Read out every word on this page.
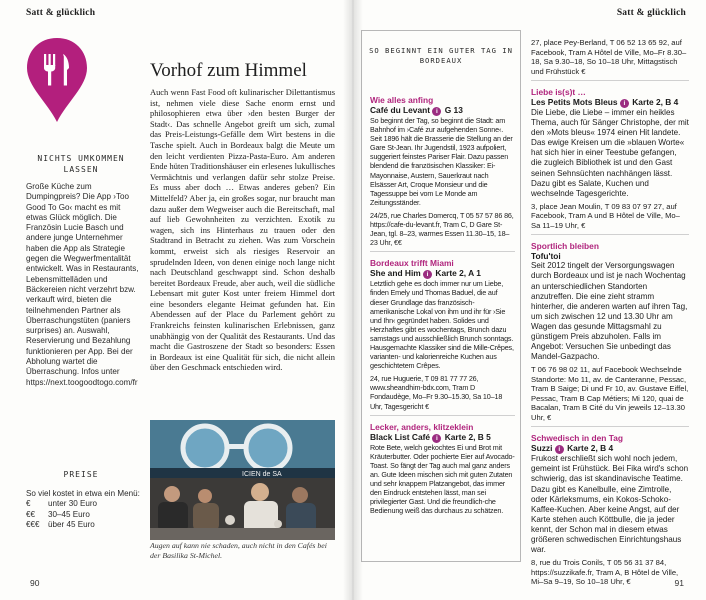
Satt & glücklich
NICHTS UMKOMMEN LASSEN
Große Küche zum Dumpingpreis? Die App ›Too Good To Go‹ macht es mit etwas Glück möglich. Die Französin Lucie Basch und andere junge Unternehmer haben die App als Strategie gegen die Wegwerfmentalität entwickelt. Was in Restaurants, Lebensmittelläden und Bäckereien nicht verzehrt bzw. verkauft wird, bieten die teilnehmenden Partner als Überraschungstüten (paniers surprises) an. Auswahl, Reservierung und Bezahlung funktionieren per App. Bei der Abholung wartet die Überraschung. Infos unter https://next.toogoodtogo.com/fr
PREISE
So viel kostet in etwa ein Menü:
€	unter 30 Euro
€€	30–45 Euro
€€€	über 45 Euro
Vorhof zum Himmel
Auch wenn Fast Food oft kulinarischer Dilettantismus ist, nehmen viele diese Sache enorm ernst und philosophieren etwa über ›den besten Burger der Stadt‹. Das schnelle Angebot greift um sich, zumal das Preis-Leistungs-Gefälle dem Wirt bestens in die Tasche spielt. Auch in Bordeaux balgt die Meute um den leicht verdienten Pizza-Pasta-Euro. Am anderen Ende hüten Traditionshäuser ein erlesenes lukullisches Vermächtnis und verlangen dafür sehr stolze Preise. Es muss aber doch … Etwas anderes geben? Ein Mittelfeld? Aber ja, ein großes sogar, nur braucht man dazu außer dem Wegweiser auch die Bereitschaft, mal auf lieb Gewohnheiten zu verzichten. Exotik zu wagen, sich ins Hinterhaus zu trauen oder den Stadtrand in Betracht zu ziehen. Was zum Vorschein kommt, erweist sich als riesiges Reservoir an sprudelnden Ideen, von denen einige noch lange nicht nach Deutschland geschwappt sind. Schon deshalb bereitet Bordeaux Freude, aber auch, weil die südliche Lebensart mit guter Kost unter freiem Himmel dort eine besonders elegante Heimat gefunden hat. Ein Abendessen auf der Place du Parlement gehört zu Frankreichs feinsten kulinarischen Erlebnissen, ganz unabhängig von der Qualität des Restaurants. Und das macht die Gastroszene der Stadt so besonders: Essen in Bordeaux ist eine Qualität für sich, die nicht allein über den Geschmack entschieden wird.
ICIEN de SA
Augen auf kann nie schaden, auch nicht in den Cafés bei der Basilika St-Michel.
90
Satt & glücklich
SO BEGINNT EIN GUTER TAG IN BORDEAUX
Wie alles anfing
Café du Levant i G 13
So beginnt der Tag, so beginnt die Stadt: am Bahnhof im ›Café zur aufgehenden Sonne‹. Seit 1896 hält die Brasserie die Stellung an der Gare St-Jean. Ihr Jugendstil, 1923 aufpoliert, suggeriert feinstes Pariser Flair. Dazu passen blendend die französischen Klassiker: Ei-Mayonnaise, Austern, Sauerkraut nach Elsässer Art, Croque Monsieur und die Tagessuppe bei vom Le Monde am Zeitungsständer.
24/25, rue Charles Domercq, T 05 57 57 86 86, https://cafe-du-levant.fr, Tram C, D Gare St-Jean, tgl. 8–23, warmes Essen 11.30–15, 18–23 Uhr, €€
Bordeaux trifft Miami
She and Him i Karte 2, A 1
Letztlich gehe es doch immer nur um Liebe, finden Emely und Thomas Baduel, die auf dieser Grundlage das französisch-amerikanische Lokal von ihm und ihr für ›Sie und Ihn‹ gegründet haben. Solides und Herzhaftes gibt es wochentags, Brunch dazu samstags und ausschließlich Brunch sonntags. Hausgemachte Klassiker sind die Mille-Crêpes, varianten- und kalorienreiche Kuchen aus geschichtetem Crêpes.
24, rue Huguerie, T 09 81 77 77 26, www.sheandhim-bdx.com, Tram D Fondaudège, Mo–Fr 9.30–15.30, Sa 10–18 Uhr, Tagesgericht €
Lecker, anders, klitzeklein
Black List Café i Karte 2, B 5
Rote Bete, welch gekochtes Ei und Brot mit Kräuterbutter. Oder pochierte Eier auf Avocado-Toast. So fängt der Tag auch mal ganz anders an. Gute Ideen mischen sich mit guten Zutaten und sehr knappem Platzangebot, das immer den Eindruck entstehen lässt, man sei privilegierter Gast. Und die freundlich-che Bedienung weiß das durchaus zu schätzen.
27, place Pey-Berland, T 06 52 13 65 92, auf Facebook, Tram A Hôtel de Ville, Mo–Fr 8.30–18, Sa 9.30–18, So 10–18 Uhr, Mittagstisch und Frühstück €
Liebe is(s)t …
Les Petits Mots Bleus i Karte 2, B 4
Die Liebe, die Liebe – immer ein heikles Thema, auch für Sänger Christophe, der mit den »Mots bleus« 1974 einen Hit landete. Das ewige Kreisen um die »blauen Worte« hat sich hier in einer Teestube gefangen, die zugleich Bibliothek ist und den Gast seinen Sehnsüchten nachhängen lässt. Dazu gibt es Salate, Kuchen und wechselnde Tagesgerichte.
3, place Jean Moulin, T 09 83 07 97 27, auf Facebook, Tram A und B Hôtel de Ville, Mo–Sa 11–19 Uhr, €
Sportlich bleiben
Tofu'toi
Seit 2012 tingelt der Versorgungswagen durch Bordeaux und ist je nach Wochentag an unterschiedlichen Standorten anzutreffen. Die eine zieht stramm hinterher, die anderen warten auf ihren Tag, um sich zwischen 12 und 13.30 Uhr am Wagen das gesunde Mittagsmahl zu günstigem Preis abzuholen. Falls im Angebot: Versuchen Sie unbedingt das Mandel-Gazpacho.
T 06 76 98 02 11, auf Facebook Wechselnde Standorte: Mo 11, av. de Canteranne, Pessac, Tram B Saige; Di und Fr 10, av. Gustave Eiffel, Pessac, Tram B Cap Métiers; Mi 120, quai de Bacalan, Tram B Cité du Vin jeweils 12–13.30 Uhr, €
Schwedisch in den Tag
Suzzi i Karte 2, B 4
Frukost erschließt sich wohl noch jedem, gemeint ist Frühstück. Bei Fika wird's schon schwierig, das ist skandinavische Teatime. Dazu gibt es Kanelbulle, eine Zimtrolle, oder Kärleksmums, ein Kokos-Schoko-Kaffee-Kuchen. Aber keine Angst, auf der Karte stehen auch Köttbulle, die ja jeder kennt, der Schon mal in diesem etwas größeren schwedischen Einrichtungshaus war.
8, rue du Trois Conils, T 05 56 31 37 84, https://suzzikafe.fr, Tram A, B Hôtel de Ville, Mi–Sa 9–19, So 10–18 Uhr, €	91
